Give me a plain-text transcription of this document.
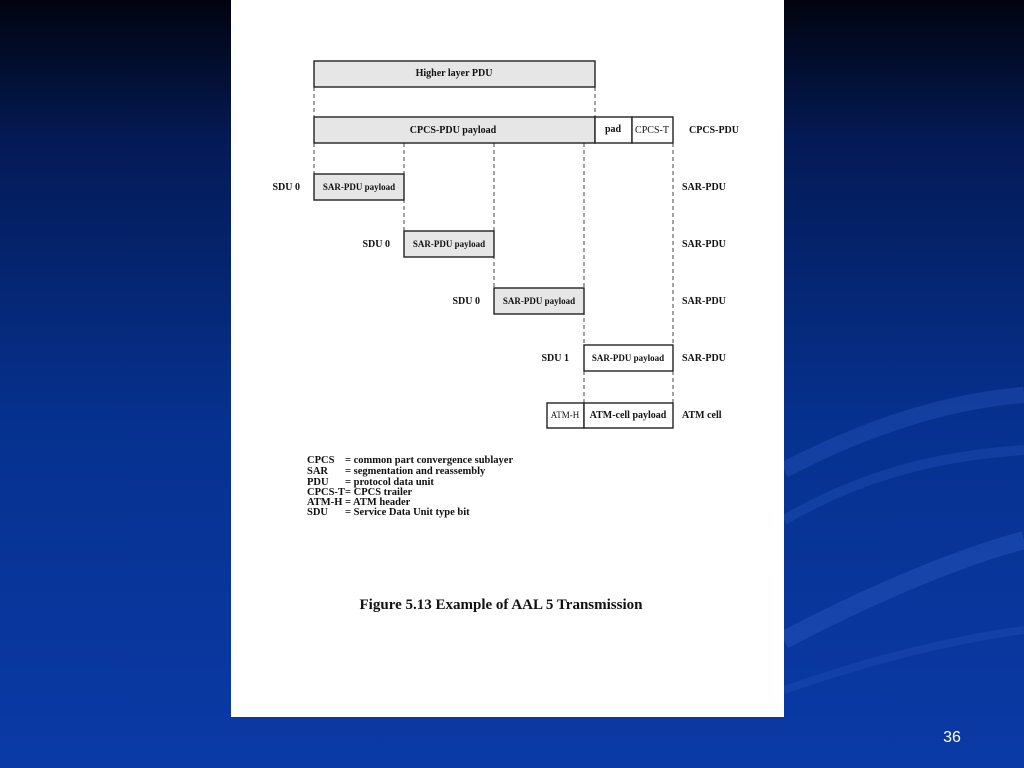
Higher layer PDU
CPCS-PDU payload	pad CPCS-T CPCS-PDU
SDU 0	SAR-PDU payload	SAR-PDU
SDU 0	SAR-PDU payload	SAR-PDU
SDU 0	SAR-PDU payload	SAR-PDU
SDU 1	SAR-PDU payload SAR-PDU
ATM-H ATM-cell payload ATM cell
CPCS = common part convergence sublayer
SAR = segmentation and reassembly
PDU = protocol data unit
CPCS-T = CPCS trailer
ATM-H = ATM header
SDU = Service Data Unit type bit
Figure 5.13 Example of AAL 5 Transmission
36
